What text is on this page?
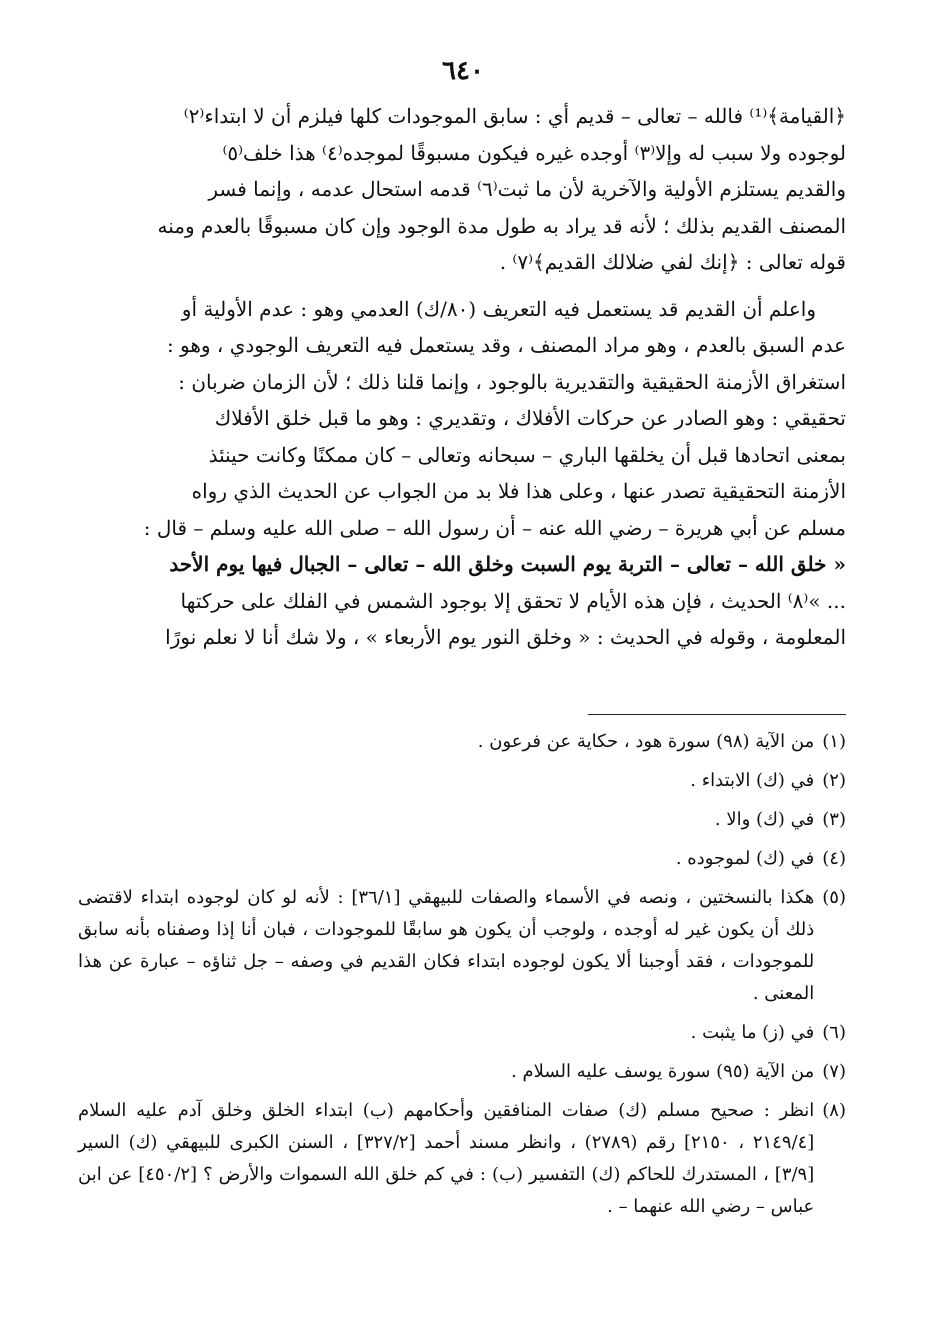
٦٤٠

﴿القيامة﴾⁽¹⁾ فالله – تعالى – قديم أي : سابق الموجودات كلها فيلزم أن لا ابتداء⁽٢⁾

لوجوده ولا سبب له وإلا⁽٣⁾ أوجده غيره فيكون مسبوقًا لموجده⁽٤⁾ هذا خلف⁽٥⁾

والقديم يستلزم الأولية والآخرية لأن ما ثبت⁽٦⁾ قدمه استحال عدمه ، وإنما فسر

المصنف القديم بذلك ؛ لأنه قد يراد به طول مدة الوجود وإن كان مسبوقًا بالعدم ومنه

قوله تعالى : ﴿إنك لفي ضلالك القديم﴾⁽٧⁾ .

واعلم أن القديم قد يستعمل فيه التعريف (٨٠/ك) العدمي وهو : عدم الأولية أو

عدم السبق بالعدم ، وهو مراد المصنف ، وقد يستعمل فيه التعريف الوجودي ، وهو :

استغراق الأزمنة الحقيقية والتقديرية بالوجود ، وإنما قلنا ذلك ؛ لأن الزمان ضربان :

تحقيقي : وهو الصادر عن حركات الأفلاك ، وتقديري : وهو ما قبل خلق الأفلاك

بمعنى اتحادها قبل أن يخلقها الباري – سبحانه وتعالى – كان ممكنًا وكانت حينئذ

الأزمنة التحقيقية تصدر عنها ، وعلى هذا فلا بد من الجواب عن الحديث الذي رواه

مسلم عن أبي هريرة – رضي الله عنه – أن رسول الله – صلى الله عليه وسلم – قال :

« خلق الله – تعالى – التربة يوم السبت وخلق الله – تعالى – الجبال فيها يوم الأحد

... »⁽٨⁾ الحديث ، فإن هذه الأيام لا تحقق إلا بوجود الشمس في الفلك على حركتها

المعلومة ، وقوله في الحديث : « وخلق النور يوم الأربعاء » ، ولا شك أنا لا نعلم نورًا

(١)
من الآية (٩٨) سورة هود ، حكاية عن فرعون .
(٢)
في (ك) الابتداء .
(٣)
في (ك) والا .
(٤)
في (ك) لموجوده .
(٥)
هكذا بالنسختين ، ونصه في الأسماء والصفات للبيهقي [٣٦/١] : لأنه لو كان لوجوده ابتداء لاقتضى ذلك أن يكون غير له أوجده ، ولوجب أن يكون هو سابقًا للموجودات ، فبان أنا إذا وصفناه بأنه سابق للموجودات ، فقد أوجبنا ألا يكون لوجوده ابتداء فكان القديم في وصفه – جل ثناؤه – عبارة عن هذا المعنى .
(٦)
في (ز) ما يثبت .
(٧)
من الآية (٩٥) سورة يوسف عليه السلام .
(٨)
انظر : صحيح مسلم (ك) صفات المنافقين وأحكامهم (ب) ابتداء الخلق وخلق آدم عليه السلام [٢١٤٩/٤ ، ٢١٥٠] رقم (٢٧٨٩) ، وانظر مسند أحمد [٣٢٧/٢] ، السنن الكبرى للبيهقي (ك) السير [٣/٩] ، المستدرك للحاكم (ك) التفسير (ب) : في كم خلق الله السموات والأرض ؟ [٤٥٠/٢] عن ابن عباس – رضي الله عنهما – .
